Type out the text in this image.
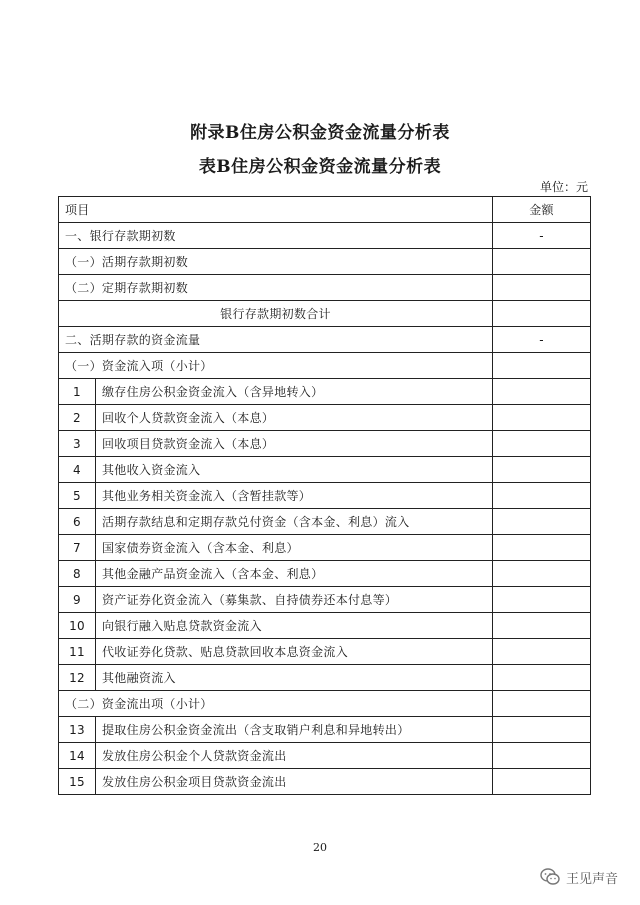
附录B住房公积金资金流量分析表
表B住房公积金资金流量分析表
单位：元
项目		金额
一、银行存款期初数		-
（一）活期存款期初数		
（二）定期存款期初数		
银行存款期初数合计		
二、活期存款的资金流量		-
（一）资金流入项（小计）		
1	缴存住房公积金资金流入（含异地转入）	
2	回收个人贷款资金流入（本息）	
3	回收项目贷款资金流入（本息）	
4	其他收入资金流入	
5	其他业务相关资金流入（含暂挂款等）	
6	活期存款结息和定期存款兑付资金（含本金、利息）流入	
7	国家债券资金流入（含本金、利息）	
8	其他金融产品资金流入（含本金、利息）	
9	资产证券化资金流入（募集款、自持债券还本付息等）	
10	向银行融入贴息贷款资金流入	
11	代收证券化贷款、贴息贷款回收本息资金流入	
12	其他融资流入	
（二）资金流出项（小计）		
13	提取住房公积金资金流出（含支取销户利息和异地转出）	
14	发放住房公积金个人贷款资金流出	
15	发放住房公积金项目贷款资金流出	
20
王见声音
